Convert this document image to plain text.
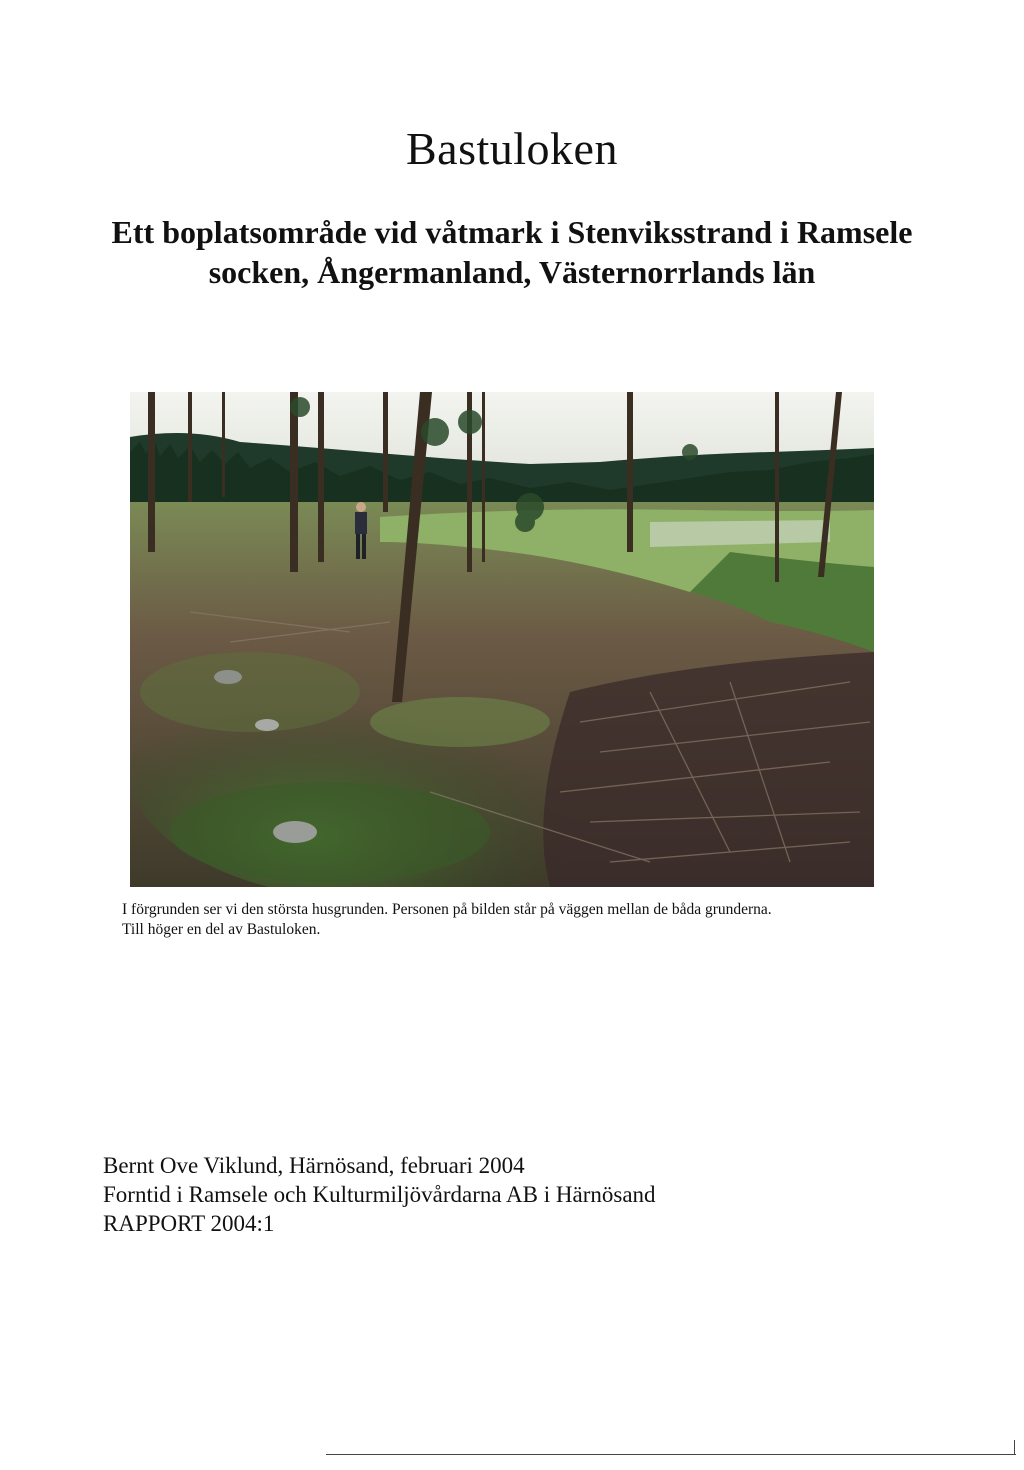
Bastuloken
Ett boplatsområde vid våtmark i Stenviksstrand i Ramsele
socken, Ångermanland, Västernorrlands län

I förgrunden ser vi den största husgrunden. Personen på bilden står på väggen mellan de båda grunderna.
Till höger en del av Bastuloken.

Bernt Ove Viklund, Härnösand, februari 2004
Forntid i Ramsele och Kulturmiljövårdarna AB i Härnösand
RAPPORT 2004:1
